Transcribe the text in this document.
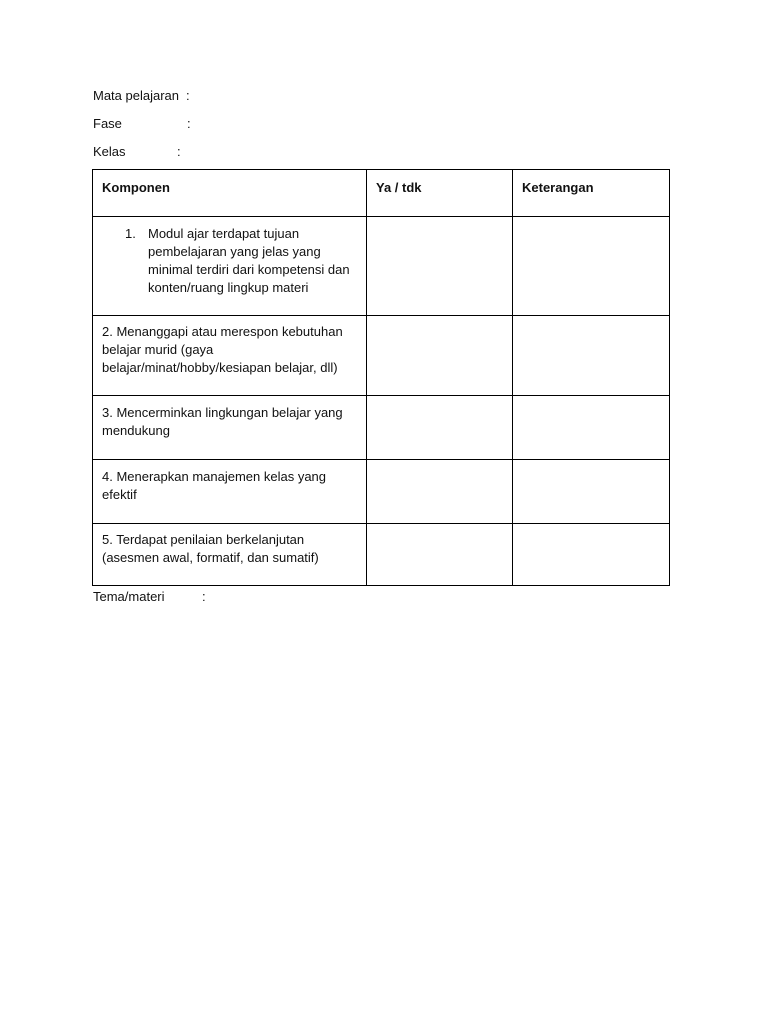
Mata pelajaran :
Fase	:
Kelas	:
Komponen	Ya / tdk	Keterangan

1. Modul ajar terdapat tujuan pembelajaran yang jelas yang minimal terdiri dari kompetensi dan konten/ruang lingkup materi		

2. Menanggapi atau merespon kebutuhan belajar murid (gaya belajar/minat/hobby/kesiapan belajar, dll)		
3. Mencerminkan lingkungan belajar yang mendukung		
4. Menerapkan manajemen kelas yang efektif		
5. Terdapat penilaian berkelanjutan (asesmen awal, formatif, dan sumatif)		
Tema/materi	:
